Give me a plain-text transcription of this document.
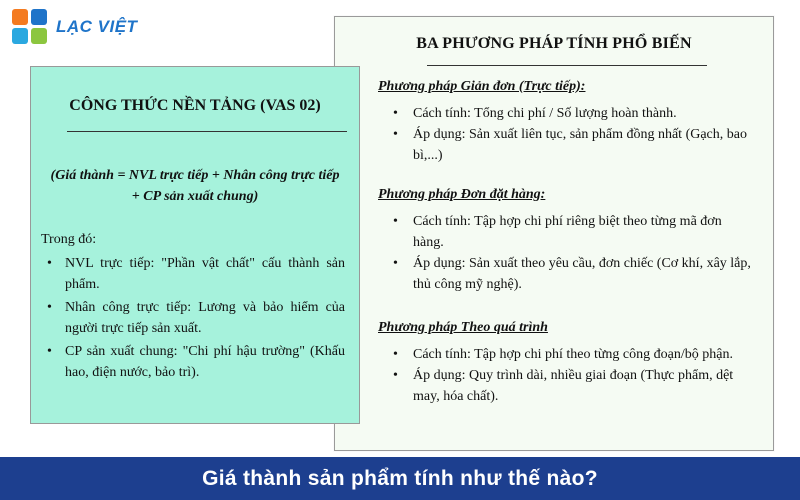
LẠC VIỆT
BA PHƯƠNG PHÁP TÍNH PHỔ BIẾN
Phương pháp Giản đơn (Trực tiếp):
• Cách tính: Tổng chi phí / Số lượng hoàn thành.
• Áp dụng: Sản xuất liên tục, sản phẩm đồng nhất (Gạch, bao bì,...)
Phương pháp Đơn đặt hàng:
• Cách tính: Tập hợp chi phí riêng biệt theo từng mã đơn hàng.
• Áp dụng: Sản xuất theo yêu cầu, đơn chiếc (Cơ khí, xây lắp, thủ công mỹ nghệ).
Phương pháp Theo quá trình
• Cách tính: Tập hợp chi phí theo từng công đoạn/bộ phận.
• Áp dụng: Quy trình dài, nhiều giai đoạn (Thực phẩm, dệt may, hóa chất).
CÔNG THỨC NỀN TẢNG (VAS 02)
(Giá thành = NVL trực tiếp + Nhân công trực tiếp + CP sản xuất chung)
Trong đó:
• NVL trực tiếp: "Phần vật chất" cấu thành sản phẩm.
• Nhân công trực tiếp: Lương và bảo hiểm của người trực tiếp sản xuất.
• CP sản xuất chung: "Chi phí hậu trường" (Khấu hao, điện nước, bảo trì).
Giá thành sản phẩm tính như thế nào?
